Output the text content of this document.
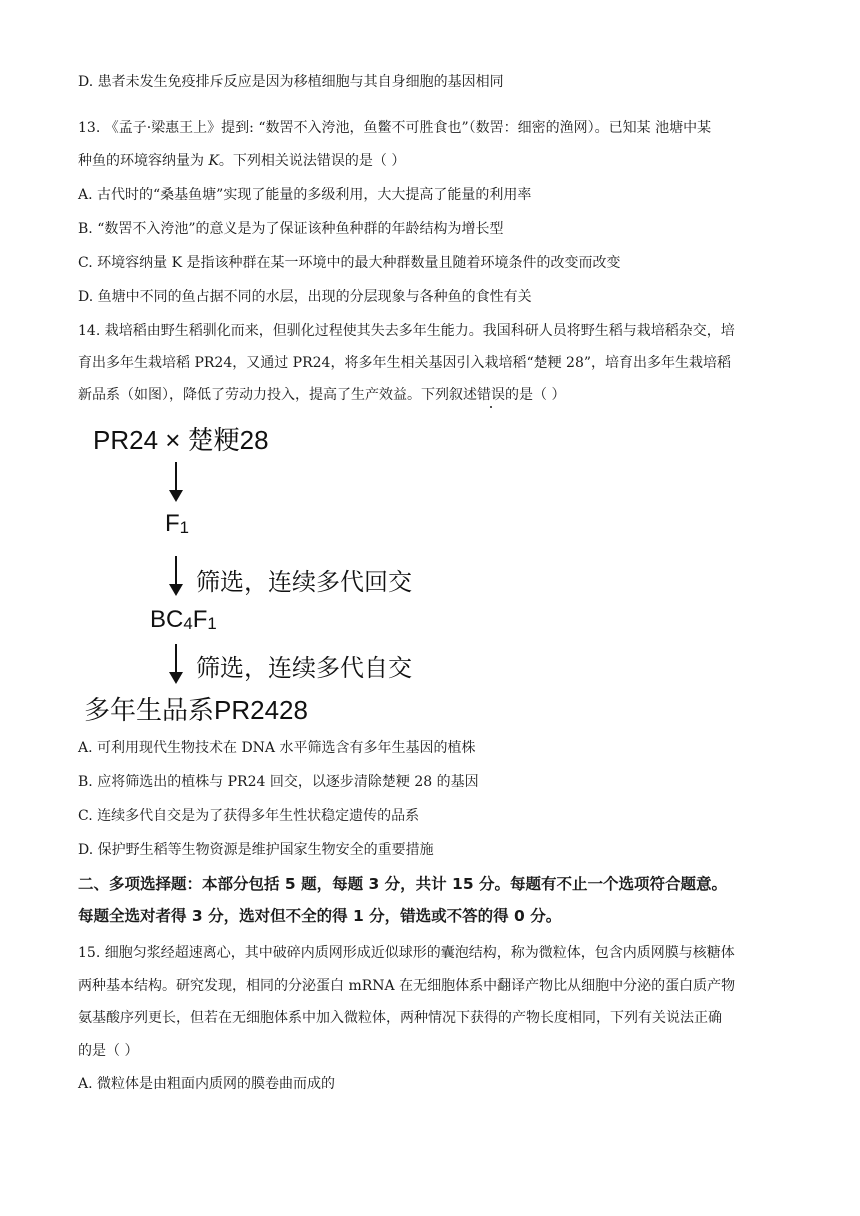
D. 患者未发生免疫排斥反应是因为移植细胞与其自身细胞的基因相同
13. 《孟子·梁惠王上》提到: “数罟不入洿池，鱼鳖不可胜食也”（数罟：细密的渔网）。已知某 池塘中某
种鱼的环境容纳量为 K。下列相关说法错误的是（ ）
A. 古代时的“桑基鱼塘”实现了能量的多级利用，大大提高了能量的利用率
B. “数罟不入洿池”的意义是为了保证该种鱼种群的年龄结构为增长型
C. 环境容纳量 K 是指该种群在某一环境中的最大种群数量且随着环境条件的改变而改变
D. 鱼塘中不同的鱼占据不同的水层，出现的分层现象与各种鱼的食性有关
14. 栽培稻由野生稻驯化而来，但驯化过程使其失去多年生能力。我国科研人员将野生稻与栽培稻杂交，培
育出多年生栽培稻 PR24，又通过 PR24，将多年生相关基因引入栽培稻“楚粳 28”，培育出多年生栽培稻
新品系（如图），降低了劳动力投入，提高了生产效益。下列叙述错误的是（ ）
PR24 × 楚粳28
$F_1$
筛选，连续多代回交
$BC_4F_1$
筛选，连续多代自交
多年生品系PR2428
A. 可利用现代生物技术在 DNA 水平筛选含有多年生基因的植株
B. 应将筛选出的植株与 PR24 回交，以逐步清除楚粳 28 的基因
C. 连续多代自交是为了获得多年生性状稳定遗传的品系
D. 保护野生稻等生物资源是维护国家生物安全的重要措施
二、多项选择题：本部分包括 5 题，每题 3 分，共计 15 分。每题有不止一个选项符合题意。
每题全选对者得 3 分，选对但不全的得 1 分，错选或不答的得 0 分。
15. 细胞匀浆经超速离心，其中破碎内质网形成近似球形的囊泡结构，称为微粒体，包含内质网膜与核糖体
两种基本结构。研究发现，相同的分泌蛋白 mRNA 在无细胞体系中翻译产物比从细胞中分泌的蛋白质产物
氨基酸序列更长，但若在无细胞体系中加入微粒体，两种情况下获得的产物长度相同，下列有关说法正确
的是（ ）
A. 微粒体是由粗面内质网的膜卷曲而成的
